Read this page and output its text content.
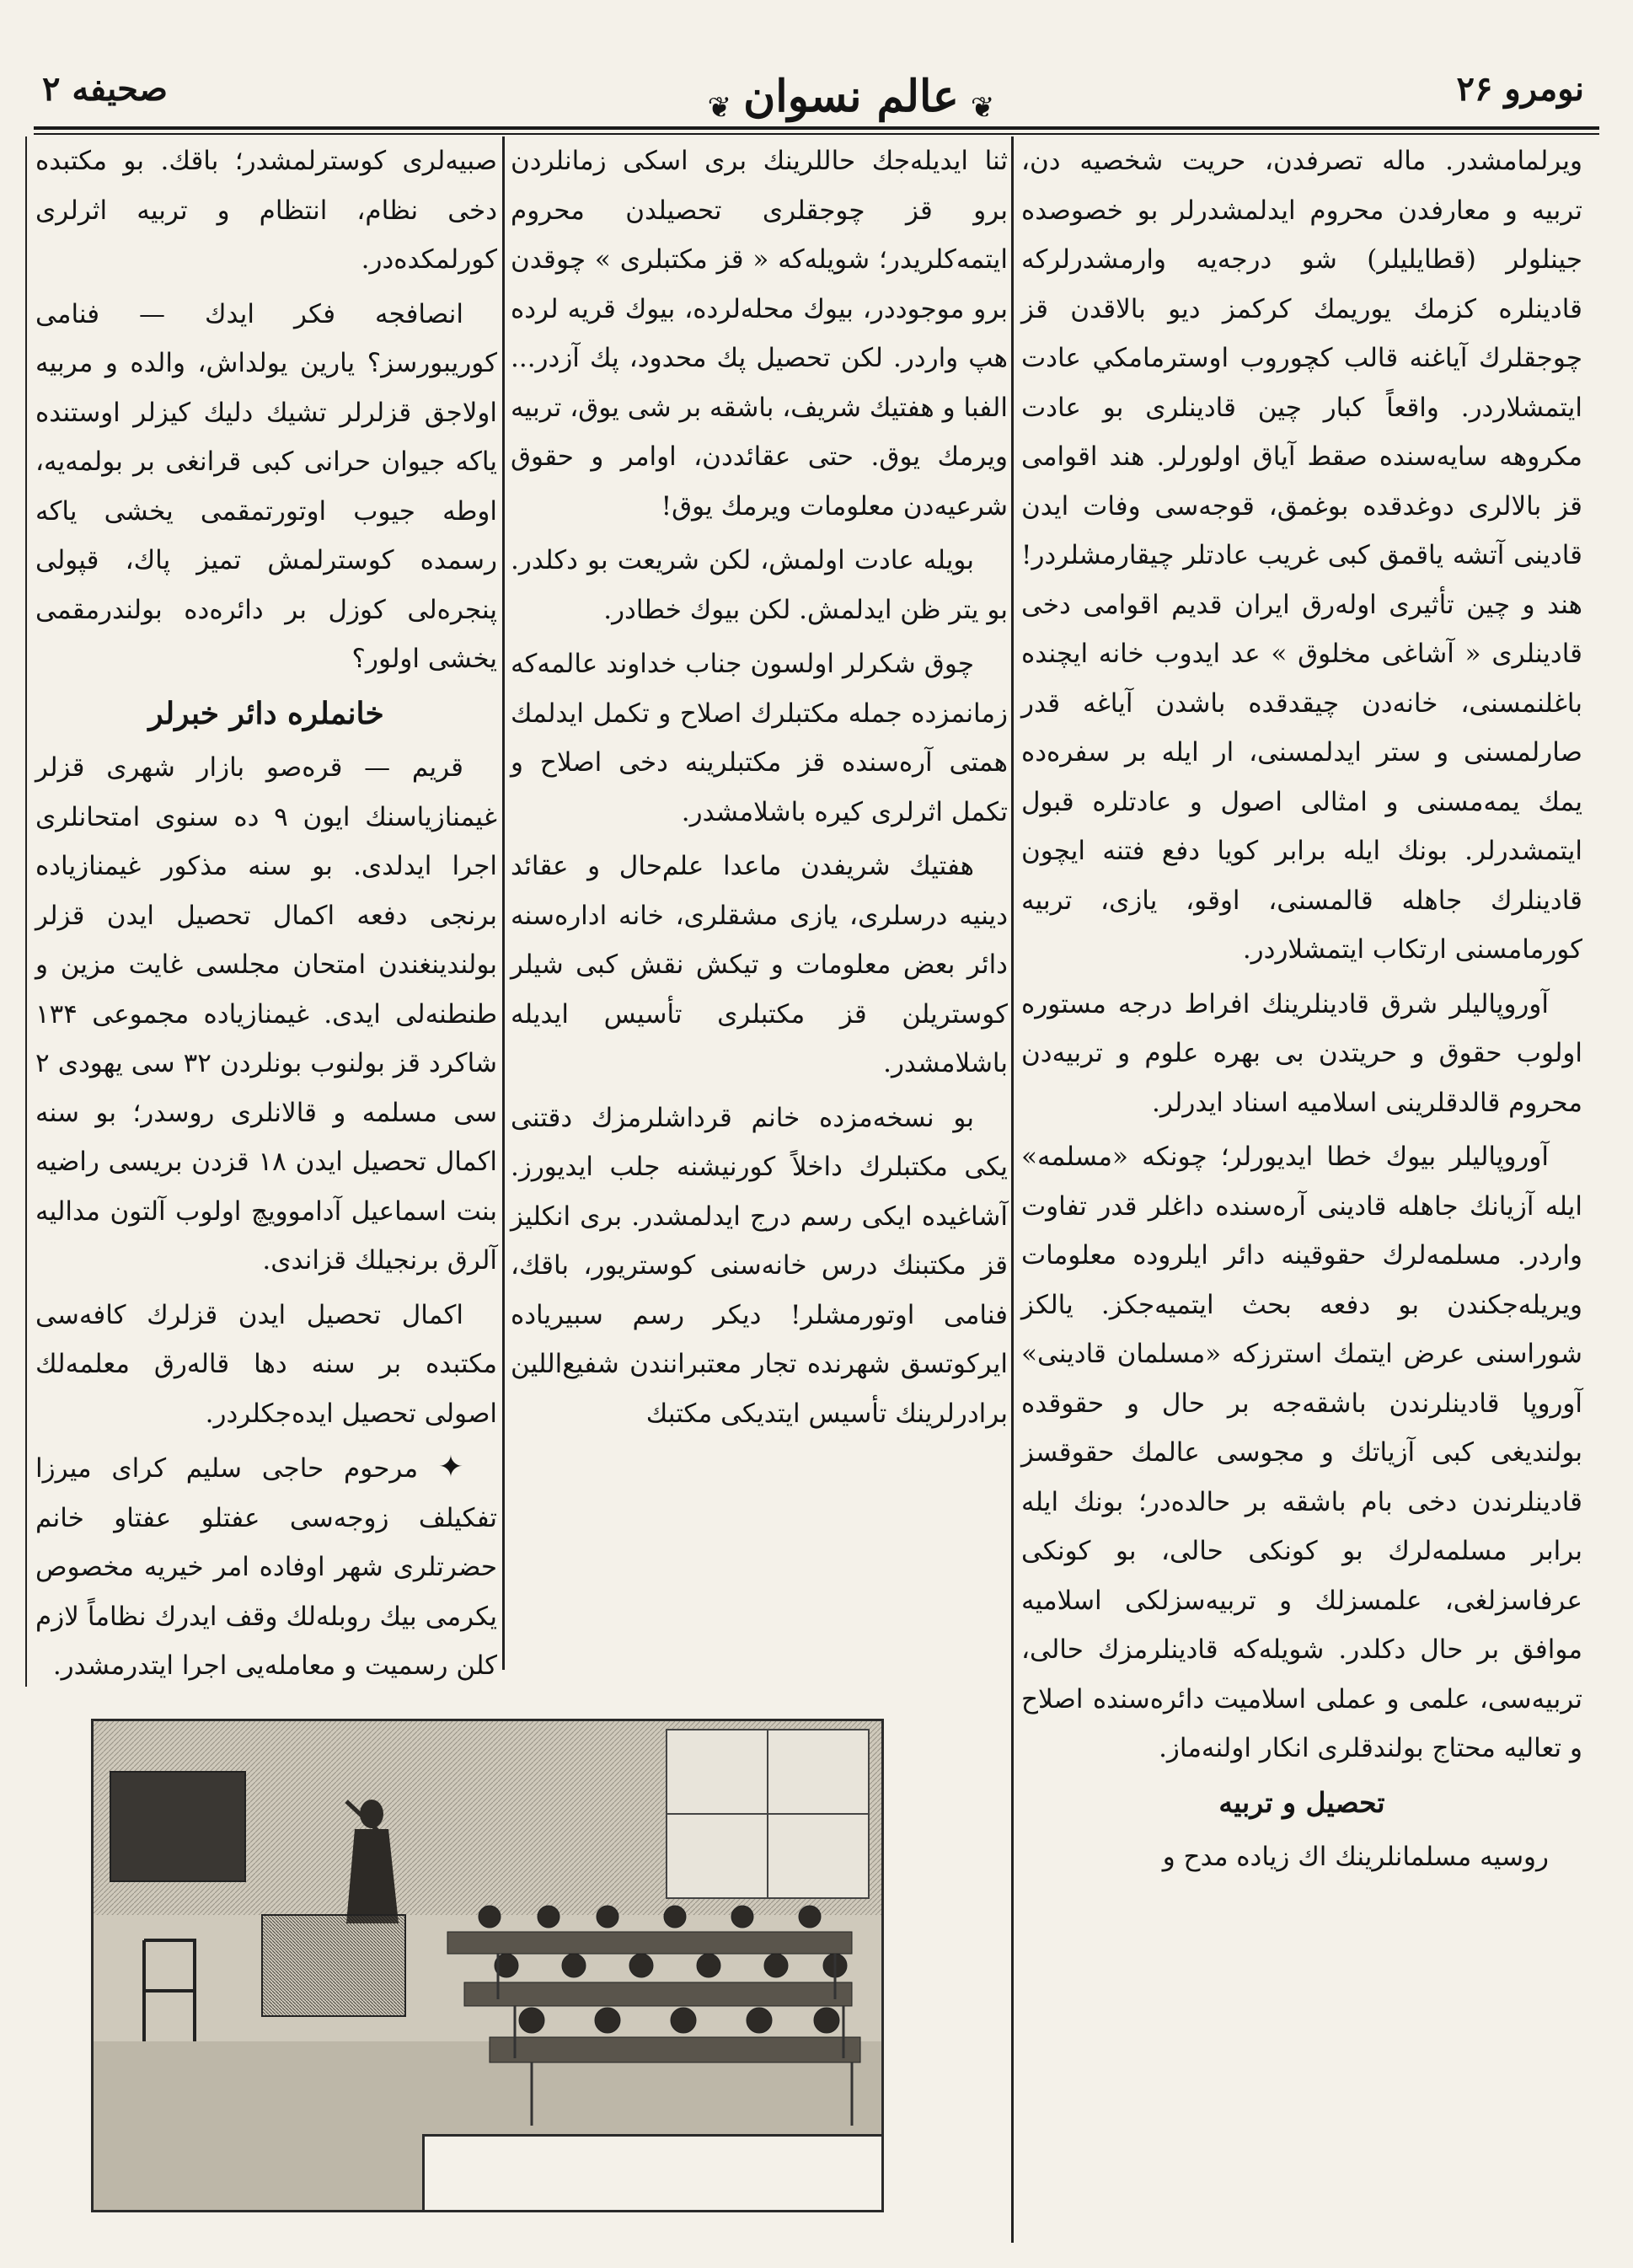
صحيفه ۲	❦ عالم نسوان ❦	نومرو ۲۶

ويرلمامشدر. ماله تصرفدن، حريت شخصيه دن، تربيه و معارفدن محروم ايدلمشدرلر بو خصوصده جينلولر (قطايليلر) شو درجه‌يه وارمشدرلركه قادينلره كزمك يوريمك كركمز ديو بالاقدن قز چوجقلرك آياغنه قالب كچوروب اوسترمامكي عادت ايتمشلاردر. واقعاً كبار چين قادينلرى بو عادت مكروهه سايه‌سنده صقط آياق اولورلر. هند اقوامى قز بالالرى دوغدقده بوغمق، قوجه‌سى وفات ايدن قادينى آتشه ياقمق كبى غريب عادتلر چيقارمشلردر! هند و چين تأثيرى اوله‌رق ايران قديم اقوامى دخى قادينلرى « آشاغى مخلوق » عد ايدوب خانه ايچنده باغلنمسنى، خانه‌دن چيقدقده باشدن آياغه قدر صارلمسنى و ستر ايدلمسنى، ار ايله بر سفره‌ده يمك يمه‌مسنى و امثالى اصول و عادتلره قبول ايتمشدرلر. بونك ايله برابر كويا دفع فتنه ايچون قادينلرك جاهله قالمسنى، اوقو، يازى، تربيه كورمامسنى ارتكاب ايتمشلاردر.

آوروپاليلر شرق قادينلرينك افراط درجه مستوره اولوب حقوق و حريتدن بى بهره علوم و تربيه‌دن محروم قالدقلرينى اسلاميه اسناد ايدرلر.

آوروپاليلر بيوك خطا ايديورلر؛ چونكه «مسلمه» ايله آزيانك جاهله قادينى آره‌سنده داغلر قدر تفاوت واردر. مسلمه‌لرك حقوقينه دائر ايلروده معلومات ويريله‌جكندن بو دفعه بحث ايتميه‌جكز. يالكز شوراسنى عرض ايتمك استرزكه «مسلمان قادينى» آوروپا قادينلرندن باشقه‌جه بر حال و حقوقده بولنديغى كبى آزياتك و مجوسى عالمك حقوقسز قادينلرندن دخى بام باشقه بر حالده‌در؛ بونك ايله برابر مسلمه‌لرك بو كونكى حالى، بو كونكى عرفاسزلغى، علمسزلك و تربيه‌سزلكى اسلاميه موافق بر حال دكلدر. شويله‌كه قادينلرمزك حالى، تربيه‌سى، علمى و عملى اسلاميت دائره‌سنده اصلاح و تعاليه محتاج بولندقلرى انكار اولنه‌ماز.

تحصيل و تربيه

روسيه مسلمانلرينك اك زياده مدح و

ثنا ايديله‌جك حاللرينك برى اسكى زمانلردن برو قز چوجقلرى تحصيلدن محروم ايتمه‌كلريدر؛ شويله‌كه « قز مكتبلرى » چوقدن برو موجوددر، بيوك محله‌لرده، بيوك قريه لرده هپ واردر. لكن تحصيل پك محدود، پك آزدر... الفبا و هفتيك شريف، باشقه بر شى يوق، تربيه ويرمك يوق. حتى عقائددن، اوامر و حقوق شرعيه‌دن معلومات ويرمك يوق!

بويله عادت اولمش، لكن شريعت بو دكلدر. بو يتر ظن ايدلمش. لكن بيوك خطادر.

چوق شكرلر اولسون جناب خداوند عالمه‌كه زمانمزده جمله مكتبلرك اصلاح و تكمل ايدلمك همتى آره‌سنده قز مكتبلرينه دخى اصلاح و تكمل اثرلرى كيره باشلامشدر.

هفتيك شريفدن ماعدا علم‌حال و عقائد دينيه درسلرى، يازى مشقلرى، خانه اداره‌سنه دائر بعض معلومات و تيكش نقش كبى شيلر كوستريلن قز مكتبلرى تأسيس ايديله باشلامشدر.

بو نسخه‌مزده خانم قرداشلرمزك دقتنى يكى مكتبلرك داخلاً كورنيشنه جلب ايديورز. آشاغيده ايكى رسم درج ايدلمشدر. برى انكليز قز مكتبنك درس خانه‌سنى كوستريور، باقك، فنامى اوتورمشلر! ديكر رسم سبيرياده ايركوتسق شهرنده تجار معتبرانندن شفيع‌اللين برادرلرينك تأسيس ايتديكى مكتبك

صبيه‌لرى كوسترلمشدر؛ باقك. بو مكتبده دخى نظام، انتظام و تربيه اثرلرى كورلمكده‌در.

انصافجه فكر ايدك — فنامى كوريبورسز؟ يارين يولداش، والده و مربيه اولاجق قزلرلر تشيك دليك كيزلر اوستنده ياكه جيوان حرانى كبى قرانغى بر بولمه‌يه، اوطه جيوب اوتورتمقمى يخشى ياكه رسمده كوسترلمش تميز پاك، قپولى پنجره‌لى كوزل بر دائره‌ده بولندرمقمى يخشى اولور؟

خانملره دائر خبرلر

قريم — قره‌صو بازار شهرى قزلر غيمنازياسنك ايون ۹ ده سنوى امتحانلرى اجرا ايدلدى. بو سنه مذكور غيمنازياده برنجى دفعه اكمال تحصيل ايدن قزلر بولندينغندن امتحان مجلسى غايت مزين و طنطنه‌لى ايدى. غيمنازياده مجموعى ۱۳۴ شاكرد قز بولنوب بونلردن ۳۲ سى يهودى ۲ سى مسلمه و قالانلرى روسدر؛ بو سنه اكمال تحصيل ايدن ۱۸ قزدن بريسى راضيه بنت اسماعيل آداموويچ اولوب آلتون مداليه آلرق برنجيلك قزاندى.

اكمال تحصيل ايدن قزلرك كافه‌سى مكتبده بر سنه دها قاله‌رق معلمه‌لك اصولى تحصيل ايده‌جكلردر.

✦ مرحوم حاجى سليم كراى ميرزا تفكيلف زوجه‌سى عفتلو عفتاو خانم حضرتلرى شهر اوفاده امر خيريه مخصوص يكرمى بيك روبله‌لك وقف ايدرك نظاماً لازم كلن رسميت و معامله‌يى اجرا ايتدرمشدر.
